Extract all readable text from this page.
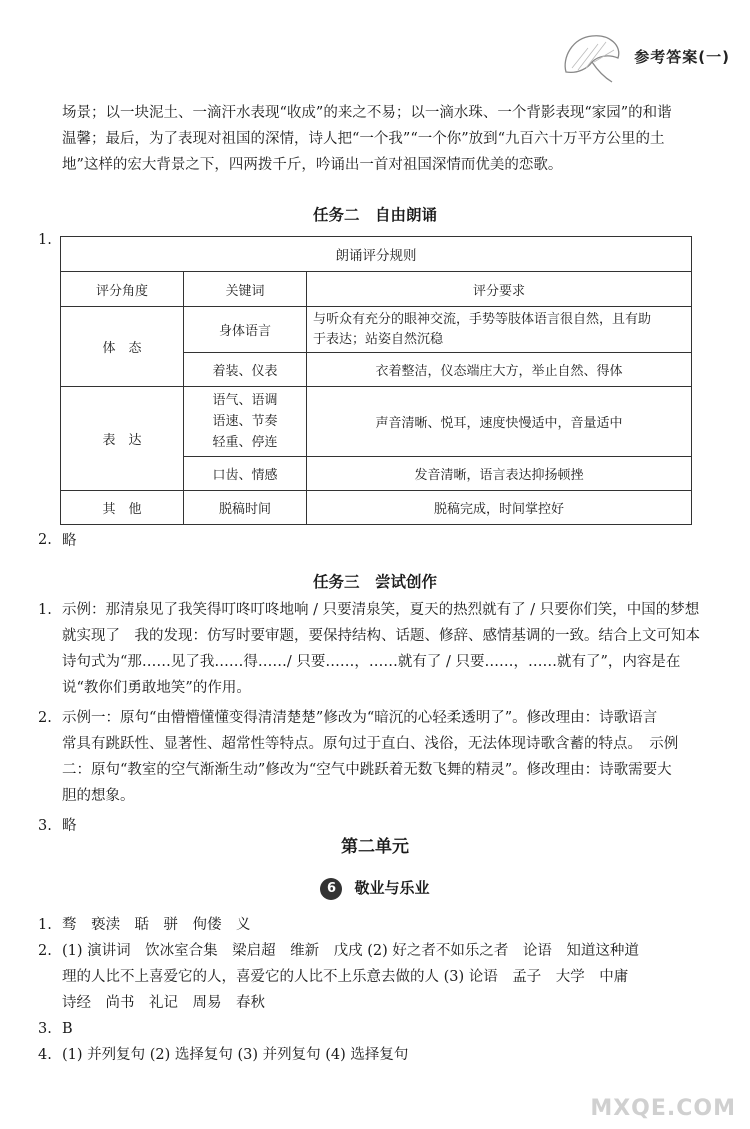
参考答案(一)
场景；以一块泥土、一滴汗水表现“收成”的来之不易；以一滴水珠、一个背影表现“家园”的和谐
温馨；最后，为了表现对祖国的深情，诗人把“一个我”“一个你”放到“九百六十万平方公里的土
地”这样的宏大背景之下，四两拨千斤，吟诵出一首对祖国深情而优美的恋歌。
任务二　自由朗诵
1.
朗诵评分规则		
评分角度	关键词	评分要求
体　态	身体语言	与听众有充分的眼神交流，手势等肢体语言很自然，且有助
于表达；站姿自然沉稳

	着装、仪表	衣着整洁，仪态端庄大方，举止自然、得体
表　达	语气、语调
语速、节奏
轻重、停连	声音清晰、悦耳，速度快慢适中，音量适中
	口齿、情感	发音清晰，语言表达抑扬顿挫
其　他	脱稿时间	脱稿完成，时间掌控好
2. 略
任务三　尝试创作
1. 示例：那清泉见了我笑得叮咚叮咚地响 / 只要清泉笑，夏天的热烈就有了 / 只要你们笑，中国的梦想
就实现了　我的发现：仿写时要审题，要保持结构、话题、修辞、感情基调的一致。结合上文可知本
诗句式为“那……见了我……得……/ 只要……，……就有了 / 只要……，……就有了”，内容是在
说“教你们勇敢地笑”的作用。
2. 示例一：原句“由懵懵懂懂变得清清楚楚”修改为“暗沉的心轻柔透明了”。修改理由：诗歌语言
常具有跳跃性、显著性、超常性等特点。原句过于直白、浅俗，无法体现诗歌含蓄的特点。　示例
二：原句“教室的空气渐渐生动”修改为“空气中跳跃着无数飞舞的精灵”。修改理由：诗歌需要大
胆的想象。
3. 略
第二单元
6 敬业与乐业
1. 骛　亵渎　聒　骈　佝偻　义
2. (1) 演讲词　饮冰室合集　梁启超　维新　戊戌 (2) 好之者不如乐之者　论语　知道这种道
理的人比不上喜爱它的人，喜爱它的人比不上乐意去做的人 (3) 论语　孟子　大学　中庸
诗经　尚书　礼记　周易　春秋
3. B
4. (1) 并列复句 (2) 选择复句 (3) 并列复句 (4) 选择复句
MXQE.COM
